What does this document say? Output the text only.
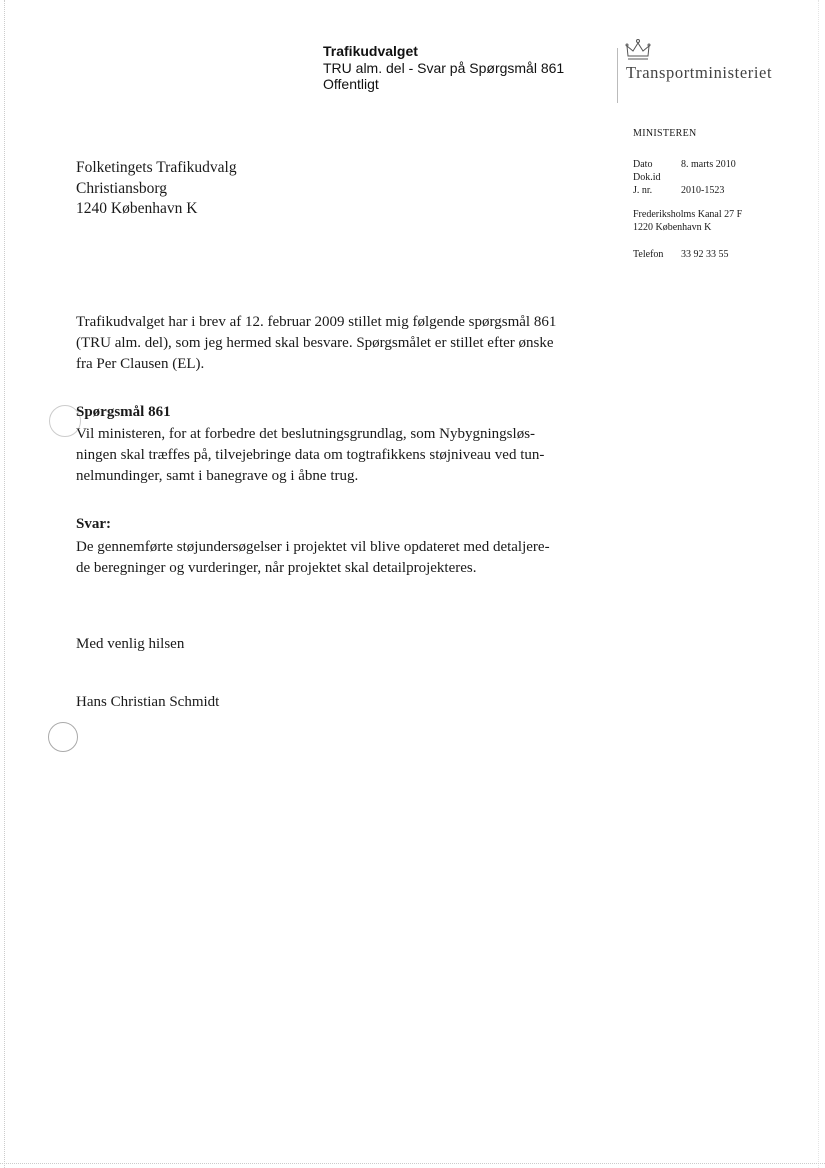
Trafikudvalget
TRU alm. del - Svar på Spørgsmål 861
Offentligt
Transportministeriet
MINISTEREN
Dato	8. marts 2010
Dok.id
J. nr.	2010-1523
Frederiksholms Kanal 27 F
1220 København K
Telefon 33 92 33 55
Folketingets Trafikudvalg
Christiansborg
1240 København K
Trafikudvalget har i brev af 12. februar 2009 stillet mig følgende spørgsmål 861
(TRU alm. del), som jeg hermed skal besvare. Spørgsmålet er stillet efter ønske
fra Per Clausen (EL).
Spørgsmål 861
Vil ministeren, for at forbedre det beslutningsgrundlag, som Nybygningsløs-
ningen skal træffes på, tilvejebringe data om togtrafikkens støjniveau ved tun-
nelmundinger, samt i banegrave og i åbne trug.
Svar:
De gennemførte støjundersøgelser i projektet vil blive opdateret med detaljere-
de beregninger og vurderinger, når projektet skal detailprojekteres.
Med venlig hilsen
Hans Christian Schmidt
